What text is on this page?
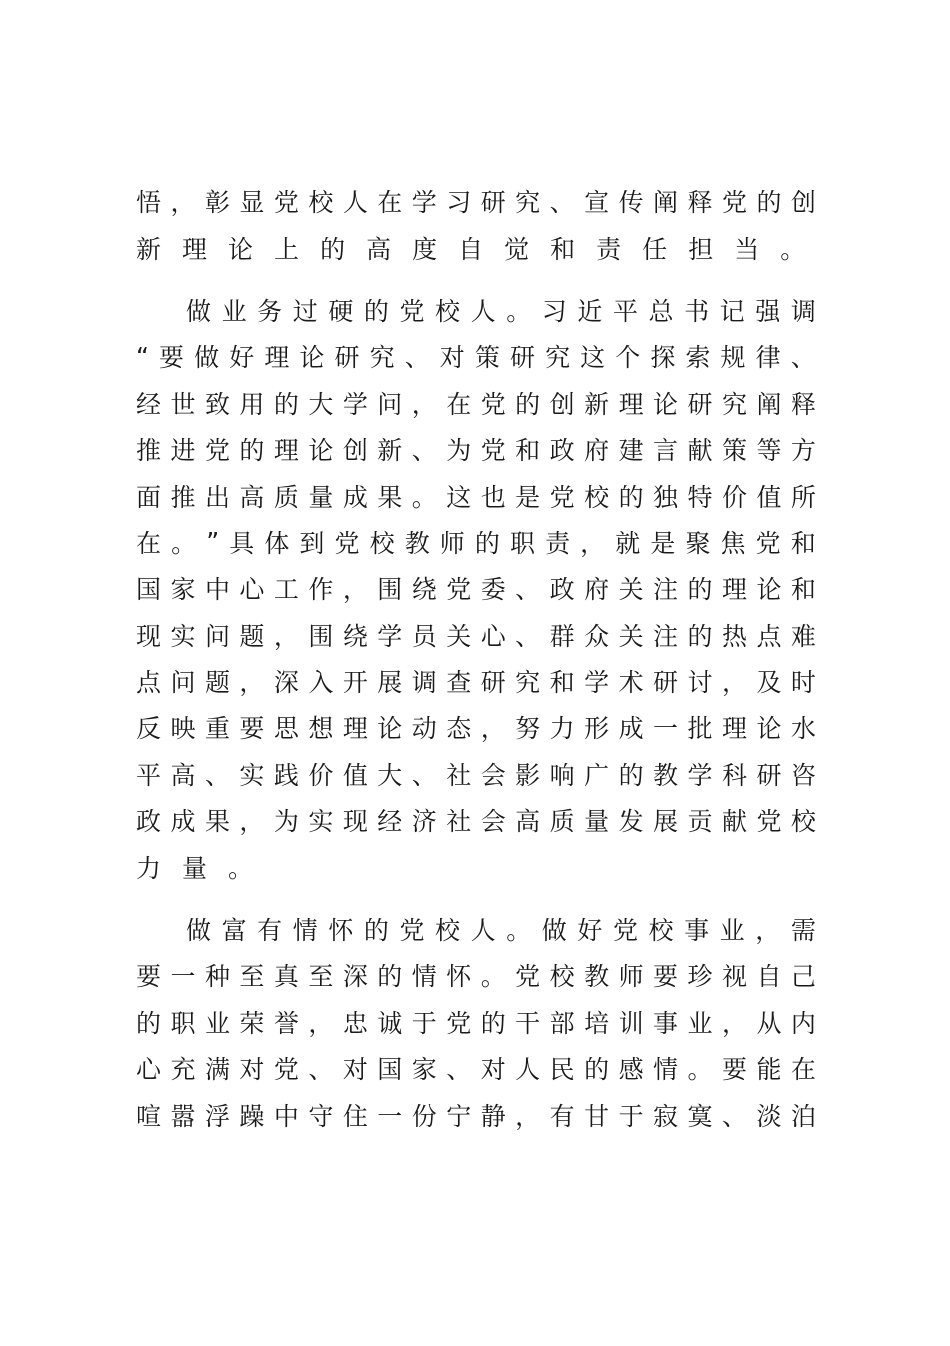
悟 ， 彰 显 党 校 人 在 学 习 研 究 、 宣 传 阐 释 党 的 创
新 理 论 上 的 高 度 自 觉 和 责 任 担 当 。
做 业 务 过 硬 的 党 校 人 。 习 近 平 总 书 记 强 调
“ 要 做 好 理 论 研 究 、 对 策 研 究 这 个 探 索 规 律 、
经 世 致 用 的 大 学 问 ， 在 党 的 创 新 理 论 研 究 阐 释
推 进 党 的 理 论 创 新 、 为 党 和 政 府 建 言 献 策 等 方
面 推 出 高 质 量 成 果 。 这 也 是 党 校 的 独 特 价 值 所
在 。 ” 具 体 到 党 校 教 师 的 职 责 ， 就 是 聚 焦 党 和
国 家 中 心 工 作 ， 围 绕 党 委 、 政 府 关 注 的 理 论 和
现 实 问 题 ， 围 绕 学 员 关 心 、 群 众 关 注 的 热 点 难
点 问 题 ， 深 入 开 展 调 查 研 究 和 学 术 研 讨 ， 及 时
反 映 重 要 思 想 理 论 动 态 ， 努 力 形 成 一 批 理 论 水
平 高 、 实 践 价 值 大 、 社 会 影 响 广 的 教 学 科 研 咨
政 成 果 ， 为 实 现 经 济 社 会 高 质 量 发 展 贡 献 党 校
力 量 。
做 富 有 情 怀 的 党 校 人 。 做 好 党 校 事 业 ， 需
要 一 种 至 真 至 深 的 情 怀 。 党 校 教 师 要 珍 视 自 己
的 职 业 荣 誉 ， 忠 诚 于 党 的 干 部 培 训 事 业 ， 从 内
心 充 满 对 党 、 对 国 家 、 对 人 民 的 感 情 。 要 能 在
喧 嚣 浮 躁 中 守 住 一 份 宁 静 ， 有 甘 于 寂 寞 、 淡 泊
